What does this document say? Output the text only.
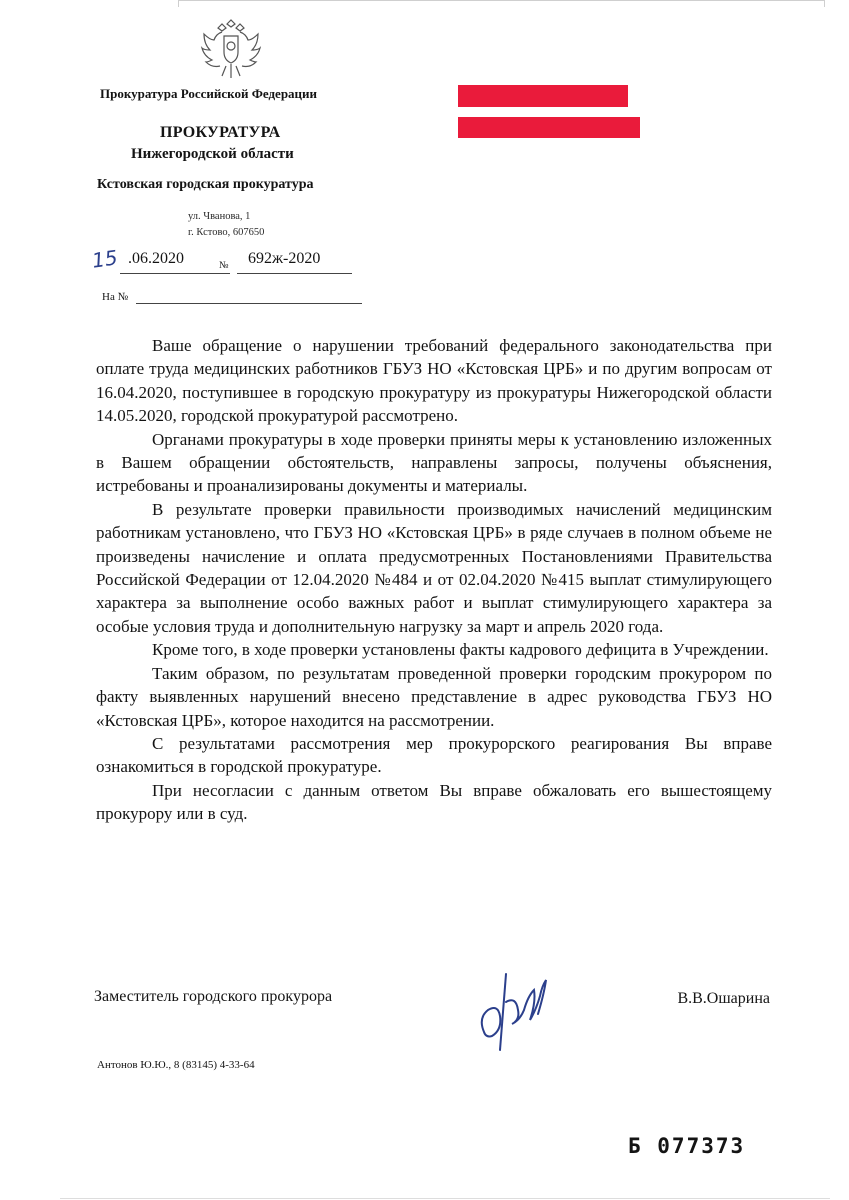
Прокуратура Российской Федерации
ПРОКУРАТУРА
Нижегородской области
Кстовская городская прокуратура
ул. Чванова, 1
г. Кстово, 607650
15 .06.2020	№ 692ж-2020
На №

Ваше обращение о нарушении требований федерального законодательства при оплате труда медицинских работников ГБУЗ НО «Кстовская ЦРБ» и по другим вопросам от 16.04.2020, поступившее в городскую прокуратуру из прокуратуры Нижегородской области 14.05.2020, городской прокуратурой рассмотрено.

Органами прокуратуры в ходе проверки приняты меры к установлению изложенных в Вашем обращении обстоятельств, направлены запросы, получены объяснения, истребованы и проанализированы документы и материалы.

В результате проверки правильности производимых начислений медицинским работникам установлено, что ГБУЗ НО «Кстовская ЦРБ» в ряде случаев в полном объеме не произведены начисление и оплата предусмотренных Постановлениями Правительства Российской Федерации от 12.04.2020 №484 и от 02.04.2020 №415 выплат стимулирующего характера за выполнение особо важных работ и выплат стимулирующего характера за особые условия труда и дополнительную нагрузку за март и апрель 2020 года.

Кроме того, в ходе проверки установлены факты кадрового дефицита в Учреждении.

Таким образом, по результатам проведенной проверки городским прокурором по факту выявленных нарушений внесено представление в адрес руководства ГБУЗ НО «Кстовская ЦРБ», которое находится на рассмотрении.

С результатами рассмотрения мер прокурорского реагирования Вы вправе ознакомиться в городской прокуратуре.

При несогласии с данным ответом Вы вправе обжаловать его вышестоящему прокурору или в суд.

Заместитель городского прокурора	В.В.Ошарина
Антонов Ю.Ю., 8 (83145) 4-33-64
Б 077373
